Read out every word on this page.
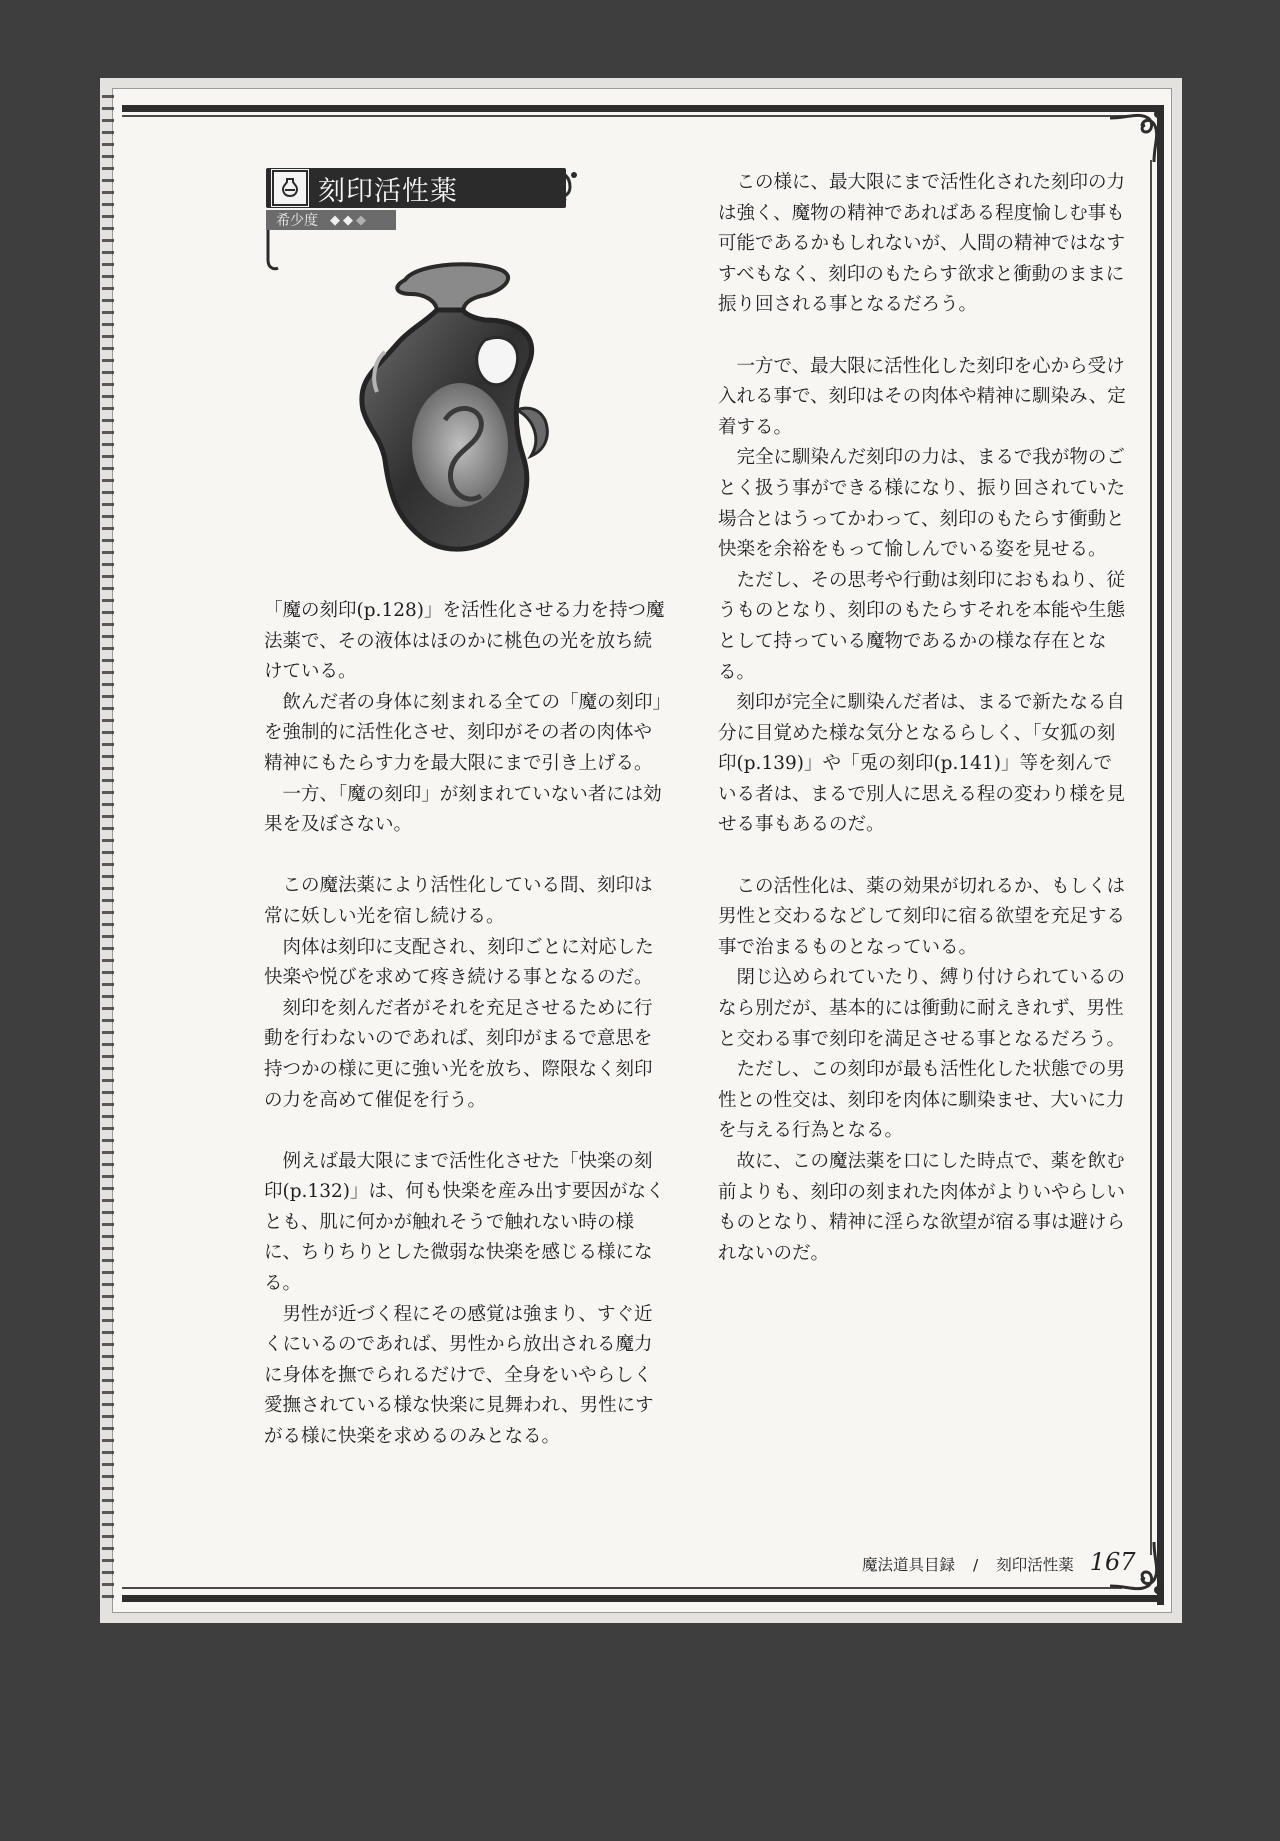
刻印活性薬
希少度 ◆◆◆

「魔の刻印(p.128)」を活性化させる力を持つ魔法薬で、その液体はほのかに桃色の光を放ち続けている。

飲んだ者の身体に刻まれる全ての「魔の刻印」を強制的に活性化させ、刻印がその者の肉体や精神にもたらす力を最大限にまで引き上げる。

一方、「魔の刻印」が刻まれていない者には効果を及ぼさない。

この魔法薬により活性化している間、刻印は常に妖しい光を宿し続ける。

肉体は刻印に支配され、刻印ごとに対応した快楽や悦びを求めて疼き続ける事となるのだ。

刻印を刻んだ者がそれを充足させるために行動を行わないのであれば、刻印がまるで意思を持つかの様に更に強い光を放ち、際限なく刻印の力を高めて催促を行う。

例えば最大限にまで活性化させた「快楽の刻印(p.132)」は、何も快楽を産み出す要因がなくとも、肌に何かが触れそうで触れない時の様に、ちりちりとした微弱な快楽を感じる様になる。

男性が近づく程にその感覚は強まり、すぐ近くにいるのであれば、男性から放出される魔力に身体を撫でられるだけで、全身をいやらしく愛撫されている様な快楽に見舞われ、男性にすがる様に快楽を求めるのみとなる。

この様に、最大限にまで活性化された刻印の力は強く、魔物の精神であればある程度愉しむ事も可能であるかもしれないが、人間の精神ではなすすべもなく、刻印のもたらす欲求と衝動のままに振り回される事となるだろう。

一方で、最大限に活性化した刻印を心から受け入れる事で、刻印はその肉体や精神に馴染み、定着する。

完全に馴染んだ刻印の力は、まるで我が物のごとく扱う事ができる様になり、振り回されていた場合とはうってかわって、刻印のもたらす衝動と快楽を余裕をもって愉しんでいる姿を見せる。

ただし、その思考や行動は刻印におもねり、従うものとなり、刻印のもたらすそれを本能や生態として持っている魔物であるかの様な存在となる。

刻印が完全に馴染んだ者は、まるで新たなる自分に目覚めた様な気分となるらしく、「女狐の刻印(p.139)」や「兎の刻印(p.141)」等を刻んでいる者は、まるで別人に思える程の変わり様を見せる事もあるのだ。

この活性化は、薬の効果が切れるか、もしくは男性と交わるなどして刻印に宿る欲望を充足する事で治まるものとなっている。

閉じ込められていたり、縛り付けられているのなら別だが、基本的には衝動に耐えきれず、男性と交わる事で刻印を満足させる事となるだろう。

ただし、この刻印が最も活性化した状態での男性との性交は、刻印を肉体に馴染ませ、大いに力を与える行為となる。

故に、この魔法薬を口にした時点で、薬を飲む前よりも、刻印の刻まれた肉体がよりいやらしいものとなり、精神に淫らな欲望が宿る事は避けられないのだ。

魔法道具目録 / 刻印活性薬 167
